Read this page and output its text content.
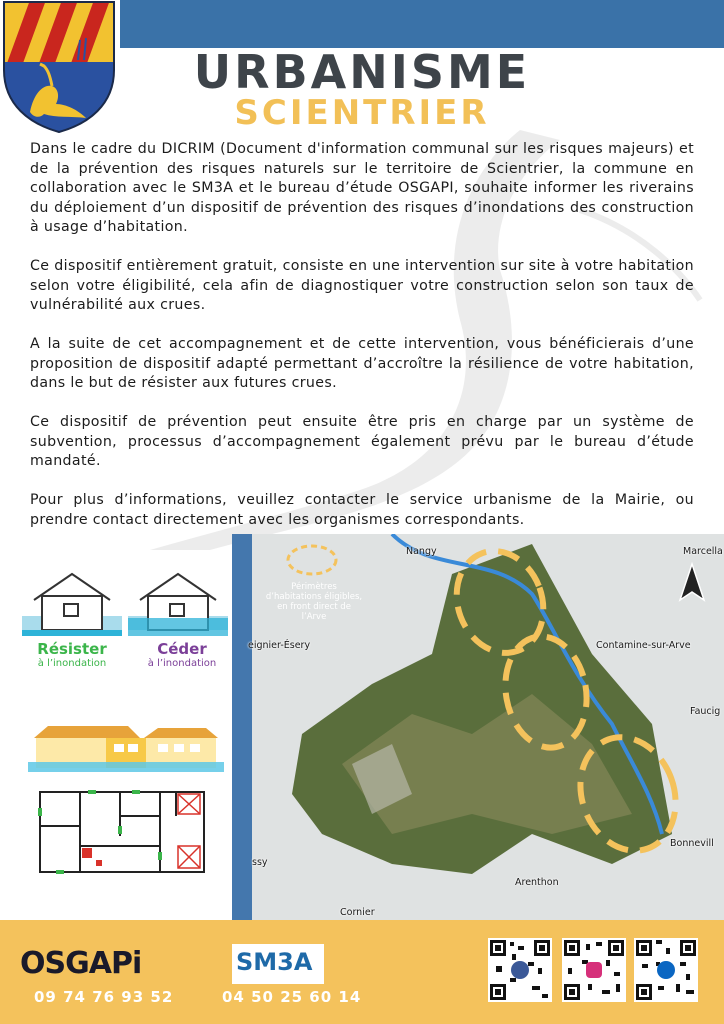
URBANISME
SCIENTRIER

Dans le cadre du DICRIM (Document d'information communal sur les risques majeurs) et de la prévention des risques naturels sur le territoire de Scientrier, la commune en collaboration avec le SM3A et le bureau d’étude OSGAPI, souhaite informer les riverains du déploiement d’un dispositif de prévention des risques d’inondations des construction à usage d’habitation.

Ce dispositif entièrement gratuit, consiste en une intervention sur site à votre habitation selon votre éligibilité, cela afin de diagnostiquer votre construction selon son taux de vulnérabilité aux crues.

A la suite de cet accompagnement et de cette intervention, vous bénéficierais d’une proposition de dispositif adapté permettant d’accroître la résilience de votre habitation, dans le but de résister aux futures crues.

Ce dispositif de prévention peut ensuite être pris en charge par un système de subvention, processus d’accompagnement également prévu par le bureau d’étude mandaté.

Pour plus d’informations, veuillez contacter le service urbanisme de la Mairie, ou prendre contact directement avec les organismes correspondants.

Résister
à l’inondation
Céder
à l’inondation
Périmètres d’habitations éligibles, en front direct de l’Arve
Nangy	Marcella
Contamine-sur-Arve
eignier-Ésery
Faucig
Bonnevill
Arenthon
ssy
Cornier
OSGAPi	SM3A
09 74 76 93 52	04 50 25 60 14
